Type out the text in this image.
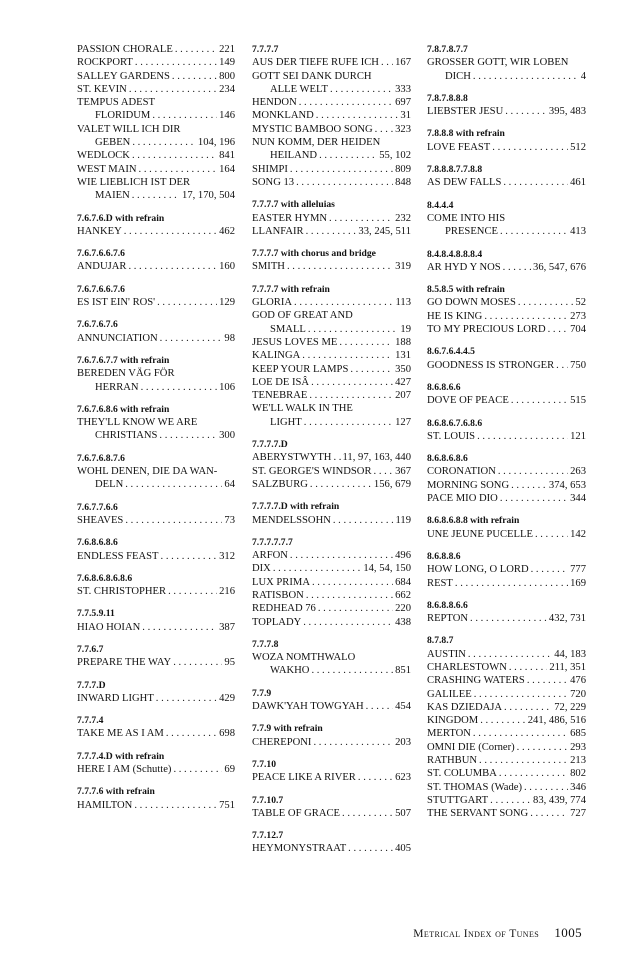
PASSION CHORALE . . .	221
ROCKPORT . . .	149
SALLEY GARDENS . . .	800
ST. KEVIN . . .	234
TEMPUS ADEST
FLORIDUM . . .	146
VALET WILL ICH DIR
GEBEN . . .	104, 196
WEDLOCK . . .	841
WEST MAIN . . .	164
WIE LIEBLICH IST DER
MAIEN . . .	17, 170, 504
7.6.7.6.D with refrain
HANKEY . . .	462
7.6.7.6.6.7.6
ANDUJAR . . .	160
7.6.7.6.6.7.6
ES IST EIN' ROS' . . .	129
7.6.7.6.7.6
ANNUNCIATION . . .	98
7.6.7.6.7.7 with refrain
BEREDEN VÄG FÖR
HERRAN . . .	106
7.6.7.6.8.6 with refrain
THEY'LL KNOW WE ARE
CHRISTIANS . . .	300
7.6.7.6.8.7.6
WOHL DENEN, DIE DA WAN-
DELN . . .	64
7.6.7.7.6.6
SHEAVES . . .	73
7.6.8.6.8.6
ENDLESS FEAST . . .	312
7.6.8.6.8.6.8.6
ST. CHRISTOPHER . . .	216
7.7.5.9.11
HIAO HOIAN . . .	387
7.7.6.7
PREPARE THE WAY . . .	95
7.7.7.D
INWARD LIGHT . . .	429
7.7.7.4
TAKE ME AS I AM . . .	698
7.7.7.4.D with refrain
HERE I AM (Schutte) . . .	69
7.7.7.6 with refrain
HAMILTON . . .	751
7.7.7.7
AUS DER TIEFE RUFE ICH . . . 167
GOTT SEI DANK DURCH
ALLE WELT . . .	333
HENDON . . .	697
MONKLAND . . .	31
MYSTIC BAMBOO SONG . . . 323
NUN KOMM, DER HEIDEN
HEILAND . . .	55, 102
SHIMPI . . .	809
SONG 13 . . .	848
7.7.7.7 with alleluias
EASTER HYMN . . .	232
LLANFAIR . . .	33, 245, 511
7.7.7.7 with chorus and bridge
SMITH . . .	319
7.7.7.7 with refrain
GLORIA . . .	113
GOD OF GREAT AND
SMALL . . .	19
JESUS LOVES ME . . .	188
KALINGA . . .	131
KEEP YOUR LAMPS . . .	350
LOE DE ISÂ . . .	427
TENEBRAE . . .	207
WE'LL WALK IN THE
LIGHT . . .	127
7.7.7.7.D
ABERYSTWYTH . . . 11, 97, 163, 440
ST. GEORGE'S WINDSOR . . . 367
SALZBURG . . .	156, 679
7.7.7.7.D with refrain
MENDELSSOHN . . .	119
7.7.7.7.7.7
ARFON . . .	496
DIX . . .	14, 54, 150
LUX PRIMA . . .	684
RATISBON . . .	662
REDHEAD 76 . . .	220
TOPLADY . . .	438
7.7.7.8
WOZA NOMTHWALO
WAKHO . . .	851
7.7.9
DAWK'YAH TOWGYAH . . .	454
7.7.9 with refrain
CHEREPONI . . .	203
7.7.10
PEACE LIKE A RIVER . . .	623
7.7.10.7
TABLE OF GRACE . . .	507
7.7.12.7
HEYMONYSTRAAT . . .	405
7.8.7.8.7.7
GROSSER GOTT, WIR LOBEN
DICH . . .	4
7.8.7.8.8.8
LIEBSTER JESU . . .	395, 483
7.8.8.8 with refrain
LOVE FEAST . . .	512
7.8.8.8.7.7.8.8
AS DEW FALLS . . .	461
8.4.4.4
COME INTO HIS
PRESENCE . . .	413
8.4.8.4.8.8.8.4
AR HYD Y NOS . . .	36, 547, 676
8.5.8.5 with refrain
GO DOWN MOSES . . .	52
HE IS KING . . .	273
TO MY PRECIOUS LORD . . . 704
8.6.7.6.4.4.5
GOODNESS IS STRONGER . . . 750
8.6.8.6.6
DOVE OF PEACE . . .	515
8.6.8.6.7.6.8.6
ST. LOUIS . . .	121
8.6.8.6.8.6
CORONATION . . .	263
MORNING SONG . . .	374, 653
PACE MIO DIO . . .	344
8.6.8.6.8.8 with refrain
UNE JEUNE PUCELLE . . .	142
8.6.8.8.6
HOW LONG, O LORD . . .	777
REST . . .	169
8.6.8.8.6.6
REPTON . . .	432, 731
8.7.8.7
AUSTIN . . .	44, 183
CHARLESTOWN . . .	211, 351
CRASHING WATERS . . .	476
GALILEE . . .	720
KAS DZIEDAJA . . .	72, 229
KINGDOM . . .	241, 486, 516
MERTON . . .	685
OMNI DIE (Corner) . . .	293
RATHBUN . . .	213
ST. COLUMBA . . .	802
ST. THOMAS (Wade) . . .	346
STUTTGART . . .	83, 439, 774
THE SERVANT SONG . . .	727
Metrical Index of Tunes 1005
